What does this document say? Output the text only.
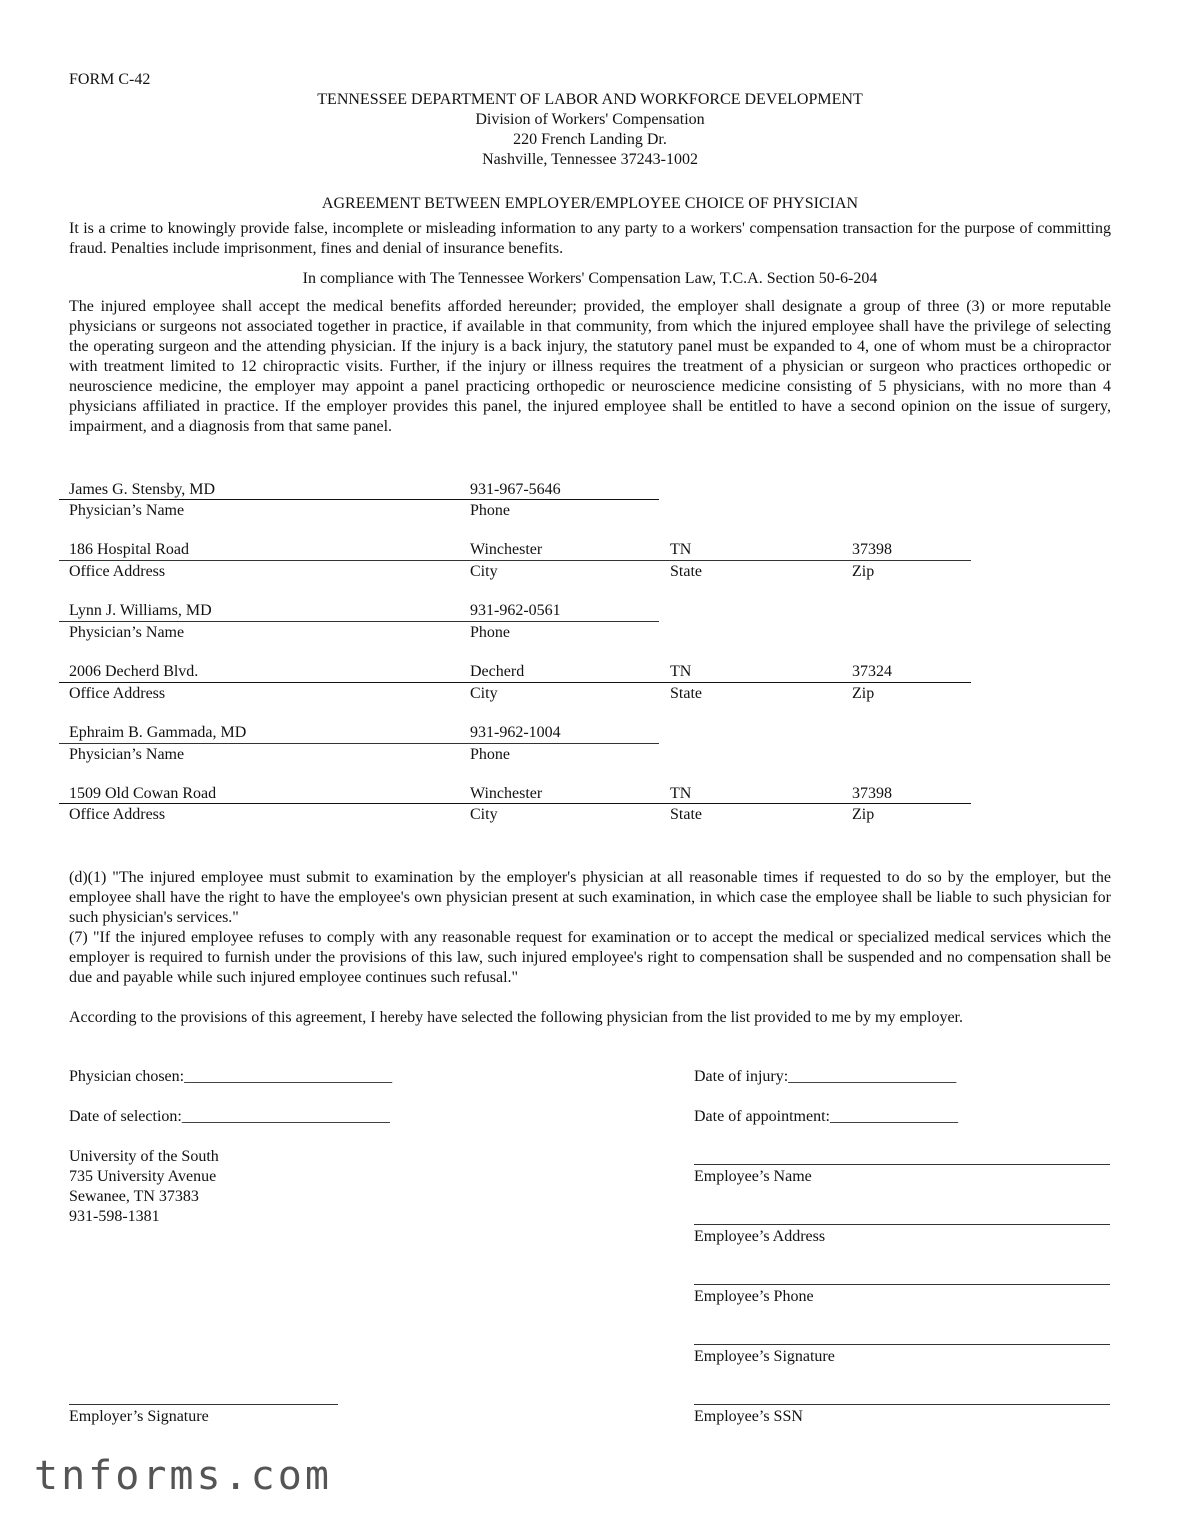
FORM C-42
TENNESSEE DEPARTMENT OF LABOR AND WORKFORCE DEVELOPMENT
Division of Workers' Compensation
220 French Landing Dr.
Nashville, Tennessee 37243-1002
AGREEMENT BETWEEN EMPLOYER/EMPLOYEE CHOICE OF PHYSICIAN
It is a crime to knowingly provide false, incomplete or misleading information to any party to a workers' compensation transaction for the purpose of committing fraud. Penalties include imprisonment, fines and denial of insurance benefits.
In compliance with The Tennessee Workers' Compensation Law, T.C.A. Section 50-6-204
The injured employee shall accept the medical benefits afforded hereunder; provided, the employer shall designate a group of three (3) or more reputable physicians or surgeons not associated together in practice, if available in that community, from which the injured employee shall have the privilege of selecting the operating surgeon and the attending physician. If the injury is a back injury, the statutory panel must be expanded to 4, one of whom must be a chiropractor with treatment limited to 12 chiropractic visits. Further, if the injury or illness requires the treatment of a physician or surgeon who practices orthopedic or neuroscience medicine, the employer may appoint a panel practicing orthopedic or neuroscience medicine consisting of 5 physicians, with no more than 4 physicians affiliated in practice. If the employer provides this panel, the injured employee shall be entitled to have a second opinion on the issue of surgery, impairment, and a diagnosis from that same panel.
James G. Stensby, MD	931-967-5646
Physician’s Name	Phone
186 Hospital Road	Winchester	TN	37398
Office Address	City	State	Zip
Lynn J. Williams, MD	931-962-0561
Physician’s Name	Phone
2006 Decherd Blvd.	Decherd	TN	37324
Office Address	City	State	Zip
Ephraim B. Gammada, MD	931-962-1004
Physician’s Name	Phone
1509 Old Cowan Road	Winchester	TN	37398
Office Address	City	State	Zip
(d)(1) "The injured employee must submit to examination by the employer's physician at all reasonable times if requested to do so by the employer, but the employee shall have the right to have the employee's own physician present at such examination, in which case the employee shall be liable to such physician for such physician's services."
(7) "If the injured employee refuses to comply with any reasonable request for examination or to accept the medical or specialized medical services which the employer is required to furnish under the provisions of this law, such injured employee's right to compensation shall be suspended and no compensation shall be due and payable while such injured employee continues such refusal."
According to the provisions of this agreement, I hereby have selected the following physician from the list provided to me by my employer.
Physician chosen:__________________________	Date of injury:_____________________
Date of selection:__________________________	Date of appointment:________________
University of the South
735 University Avenue
Sewanee, TN 37383
931-598-1381
Employee’s Name
Employee’s Address
Employee’s Phone
Employee’s Signature
Employee’s SSN
Employer’s Signature
tnforms.com
